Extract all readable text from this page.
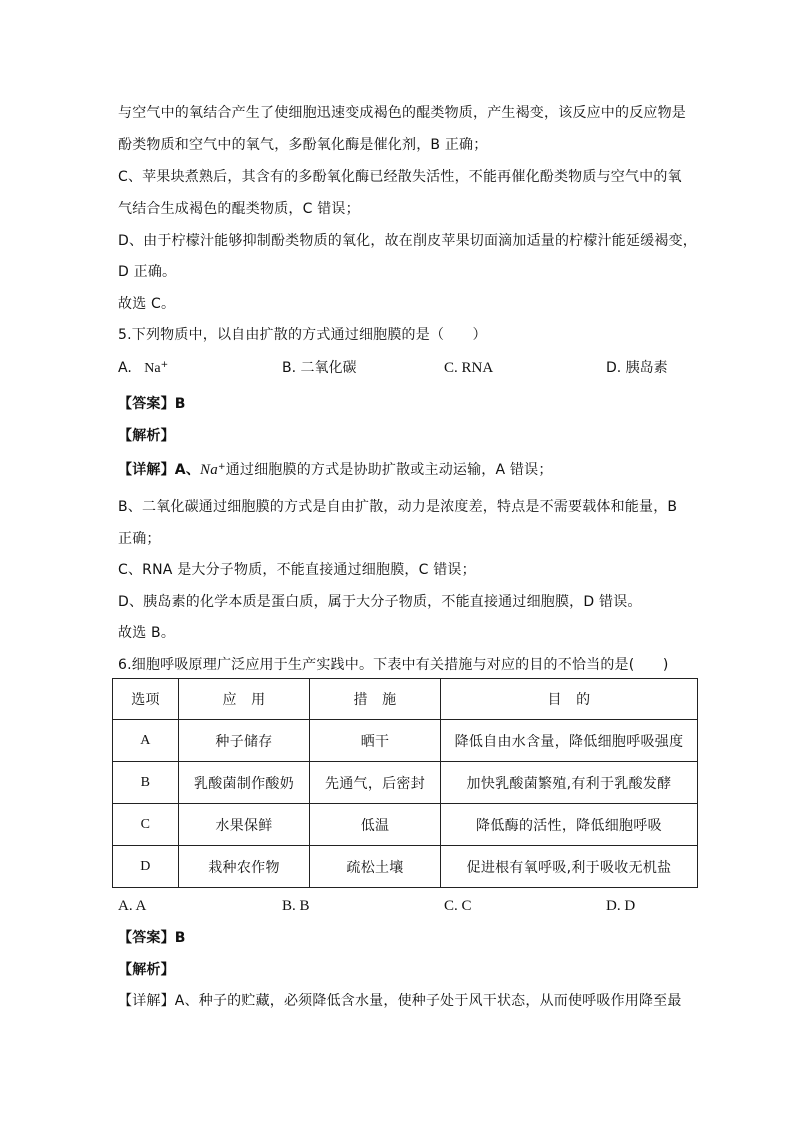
与空气中的氧结合产生了使细胞迅速变成褐色的醌类物质，产生褐变，该反应中的反应物是
酚类物质和空气中的氧气，多酚氧化酶是催化剂，B 正确；
C、苹果块煮熟后，其含有的多酚氧化酶已经散失活性，不能再催化酚类物质与空气中的氧
气结合生成褐色的醌类物质，C 错误；
D、由于柠檬汁能够抑制酚类物质的氧化，故在削皮苹果切面滴加适量的柠檬汁能延缓褐变，
D 正确。
故选 C。
5.下列物质中，以自由扩散的方式通过细胞膜的是（　　）
A. Na+	B. 二氧化碳	C. RNA	D. 胰岛素
【答案】B
【解析】
【详解】A、Na+通过细胞膜的方式是协助扩散或主动运输，A 错误；
B、二氧化碳通过细胞膜的方式是自由扩散，动力是浓度差，特点是不需要载体和能量，B
正确；
C、RNA 是大分子物质，不能直接通过细胞膜，C 错误；
D、胰岛素的化学本质是蛋白质，属于大分子物质，不能直接通过细胞膜，D 错误。
故选 B。
6.细胞呼吸原理广泛应用于生产实践中。下表中有关措施与对应的目的不恰当的是(　　)
选项	应　用	措　施	目　的
A	种子储存	晒干	降低自由水含量，降低细胞呼吸强度
B	乳酸菌制作酸奶	先通气，后密封	加快乳酸菌繁殖,有利于乳酸发酵
C	水果保鲜	低温	降低酶的活性，降低细胞呼吸
D	栽种农作物	疏松土壤	促进根有氧呼吸,利于吸收无机盐
A. A	B. B	C. C	D. D
【答案】B
【解析】
【详解】A、种子的贮藏，必须降低含水量，使种子处于风干状态，从而使呼吸作用降至最
